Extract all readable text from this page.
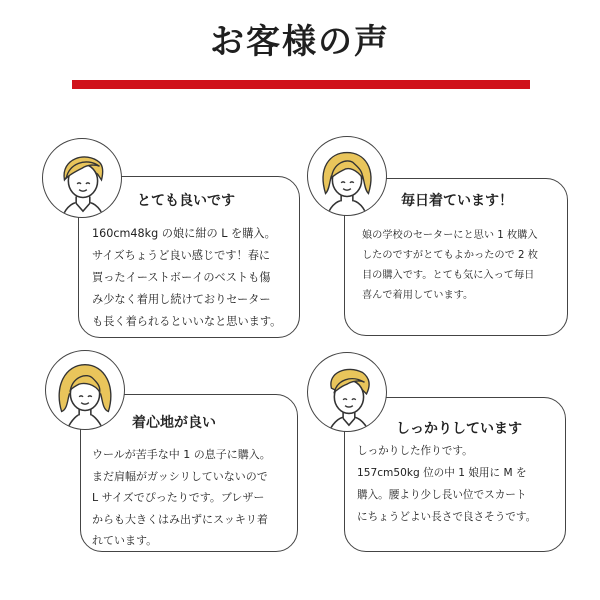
お客様の声
とても良いです

160cm48kg の娘に紺の L を購入。
サイズちょうど良い感じです！春に
買ったイーストボーイのベストも傷
み少なく着用し続けておりセーター
も長く着られるといいなと思います。

毎日着ています！

娘の学校のセーターにと思い 1 枚購入
したのですがとてもよかったので 2 枚
目の購入です。とても気に入って毎日
喜んで着用しています。

着心地が良い

ウールが苦手な中 1 の息子に購入。
まだ肩幅がガッシリしていないので
L サイズでぴったりです。ブレザー
からも大きくはみ出ずにスッキリ着
れています。

しっかりしています

しっかりした作りです。
157cm50kg 位の中 1 娘用に M を
購入。腰より少し長い位でスカート
にちょうどよい長さで良さそうです。
